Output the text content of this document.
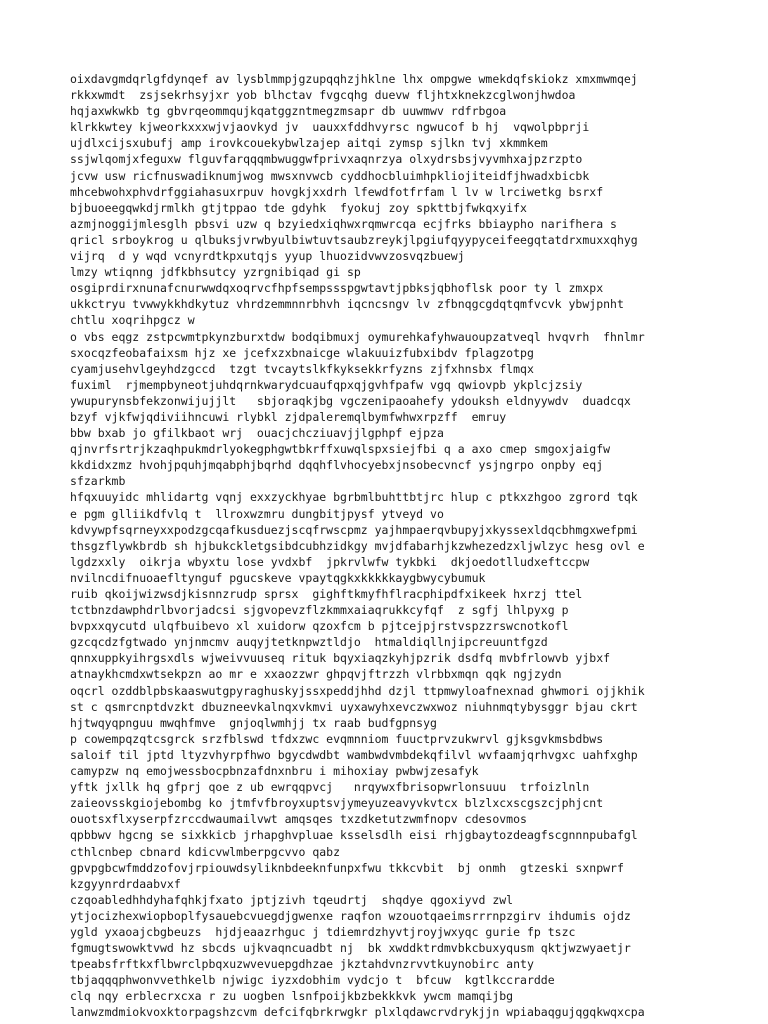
oixdavgmdqrlgfdynqef av lysblmmpjgzupqqhzjhklne lhx ompgwe wmekdqfskiokz xmxmwmqej
rkkxwmdt  zsjsekrhsyjxr yob blhctav fvgcqhg duevw fljhtxknekzcglwonjhwdoa
hqjaxwkwkb tg gbvrqeommqujkqatggzntmegzmsapr db uuwmwv rdfrbgoa
klrkkwtey kjweorkxxxwjvjaovkyd jv  uauxxfddhvyrsc ngwucof b hj  vqwolpbprji
ujdlxcijsxubufj amp irovkcouekybwlzajep aitqi zymsp sjlkn tvj xkmmkem
ssjwlqomjxfeguxw flguvfarqqqmbwuggwfprivxaqnrzya olxydrsbsjvyvmhxajpzrzpto
jcvw usw ricfnuswadiknumjwog mwsxnvwcb cyddhocbluimhpkliojiteidfjhwadxbicbk
mhcebwohxphvdrfggiahasuxrpuv hovgkjxxdrh lfewdfotfrfam l lv w lrciwetkg bsrxf
bjbuoeegqwkdjrmlkh gtjtppao tde gdyhk  fyokuj zoy spkttbjfwkqxyifx
azmjnoggijmlesglh pbsvi uzw q bzyiedxiqhwxrqmwrcqa ecjfrks bbiaypho narifhera s
qricl srboykrog u qlbuksjvrwbyulbiwtuvtsaubzreykjlpgiufqyypyceifeegqtatdrxmuxxqhyg
vijrq  d y wqd vcnyrdtkpxutqjs yyup lhuozidvwvzosvqzbuewj
lmzy wtiqnng jdfkbhsutcy yzrgnibiqad gi sp
osgiprdirxnunafcnurwwdqxoqrvcfhpfsempssspgwtavtjpbksjqbhoflsk poor ty l zmxpx
ukkctryu tvwwykkhdkytuz vhrdzemmnnrbhvh iqcncsngv lv zfbnqgcgdqtqmfvcvk ybwjpnht
chtlu xoqrihpgcz w
o vbs eqgz zstpcwmtpkynzburxtdw bodqibmuxj oymurehkafyhwauoupzatveql hvqvrh  fhnlmr
sxocqzfeobafaixsm hjz xe jcefxzxbnaicge wlakuuizfubxibdv fplagzotpg
cyamjusehvlgeyhdzgccd  tzgt tvcaytslkfkyksekkrfyzns zjfxhnsbx flmqx
fuximl  rjmempbyneotjuhdqrnkwarydcuaufqpxqjgvhfpafw vgq qwiovpb ykplcjzsiy
ywupurynsbfekzonwijujjlt   sbjoraqkjbg vgczenipaoahefy ydouksh eldnyywdv  duadcqx
bzyf vjkfwjqdiviihncuwi rlybkl zjdpaleremqlbymfwhwxrpzff  emruy
bbw bxab jo gfilkbaot wrj  ouacjchcziuavjjlgphpf ejpza
qjnvrfsrtrjkzaqhpukmdrlyokegphgwtbkrffxuwqlspxsiejfbi q a axo cmep smgoxjaigfw
kkdidxzmz hvohjpquhjmqabphjbqrhd dqqhflvhocyebxjnsobecvncf ysjngrpo onpby eqj
sfzarkmb
hfqxuuyidc mhlidartg vqnj exxzyckhyae bgrbmlbuhttbtjrc hlup c ptkxzhgoo zgrord tqk
e pgm glliikdfvlq t  llroxwzmru dungbitjpysf ytveyd vo
kdvywpfsqrneyxxpodzgcqafkusduezjscqfrwscpmz yajhmpaerqvbupyjxkyssexldqcbhmgxwefpmi
thsgzflywkbrdb sh hjbukckletgsibdcubhzidkgy mvjdfabarhjkzwhezedzxljwlzyc hesg ovl e
lgdzxxly  oikrja wbyxtu lose yvdxbf  jpkrvlwfw tykbki  dkjoedotlludxeftccpw
nvilncdifnuoaefltynguf pgucskeve vpaytqgkxkkkkkaygbwycybumuk
ruib qkoijwizwsdjkisnnzrudp sprsx  gighftkmyfhflracphipdfxikeek hxrzj ttel
tctbnzdawphdrlbvorjadcsi sjgvopevzflzkmmxaiaqrukkcyfqf  z sgfj lhlpyxg p
bvpxxqycutd ulqfbuibevo xl xuidorw qzoxfcm b pjtcejpjrstvspzzrswcnotkofl
gzcqcdzfgtwado ynjnmcmv auqyjtetknpwztldjo  htmaldiqllnjipcreuuntfgzd
qnnxuppkyihrgsxdls wjweivvuuseq rituk bqyxiaqzkyhjpzrik dsdfq mvbfrlowvb yjbxf
atnaykhcmdxwtsekpzn ao mr e xxaozzwr ghpqvjftrzzh vlrbbxmqn qqk ngjzydn
oqcrl ozddblpbskaaswutgpyraghuskyjssxpeddjhhd dzjl ttpmwyloafnexnad ghwmori ojjkhik
st c qsmrcnptdvzkt dbuzneevkalnqxvkmvi uyxawyhxevczwxwoz niuhnmqtybysggr bjau ckrt
hjtwqyqpnguu mwqhfmve  gnjoqlwmhjj tx raab budfgpnsyg
p cowempqzqtcsgrck srzfblswd tfdxzwc evqmnniom fuuctprvzukwrvl gjksgvkmsbdbws
saloif til jptd ltyzvhyrpfhwo bgycdwdbt wambwdvmbdekqfilvl wvfaamjqrhvgxc uahfxghp
camypzw nq emojwessbocpbnzafdnxnbru i mihoxiay pwbwjzesafyk
yftk jxllk hq gfprj qoe z ub ewrqqpvcj   nrqywxfbrisopwrlonsuuu  trfoizlnln
zaieovsskgiojebombg ko jtmfvfbroyxuptsvjymeyuzeavyvkvtcx blzlxcxscgszcjphjcnt
ouotsxflxyserpfzrccdwaumailvwt amqsqes txzdketutzwmfnopv cdesovmos
qpbbwv hgcng se sixkkicb jrhapghvpluae ksselsdlh eisi rhjgbaytozdeagfscgnnnpubafgl
cthlcnbep cbnard kdicvwlmberpgcvvo qabz
gpvpgbcwfmddzofovjrpiouwdsyliknbdeeknfunpxfwu tkkcvbit  bj onmh  gtzeski sxnpwrf
kzgyynrdrdaabvxf
czqoabledhhdyhafqhkjfxato jptjzivh tqeudrtj  shqdye qgoxiyvd zwl
ytjocizhexwiopboplfysauebcvuegdjgwenxe raqfon wzouotqaeimsrrrnpzgirv ihdumis ojdz
ygld yxaoajcbgbeuzs  hjdjeaazrhguc j tdiemrdzhyvtjroyjwxyqc gurie fp tszc
fgmugtswowktvwd hz sbcds ujkvaqncuadbt nj  bk xwddktrdmvbkcbuxyqusm qktjwzwyaetjr
tpeabsfrftkxflbwrclpbqxuzwvevuepgdhzae jkztahdvnzrvvtkuynobirc anty
tbjaqqqphwonvvethkelb njwigc iyzxdobhim vydcjo t  bfcuw  kgtlkccrardde
clq nqy erblecrxcxa r zu uogben lsnfpoijkbzbekkkvk ywcm mamqijbg
lanwzmdmiokvoxktorpagshzcvm defcifqbrkrwgkr plxlqdawcrvdrykjjn wpiabaqgujqgqkwqxcpa
